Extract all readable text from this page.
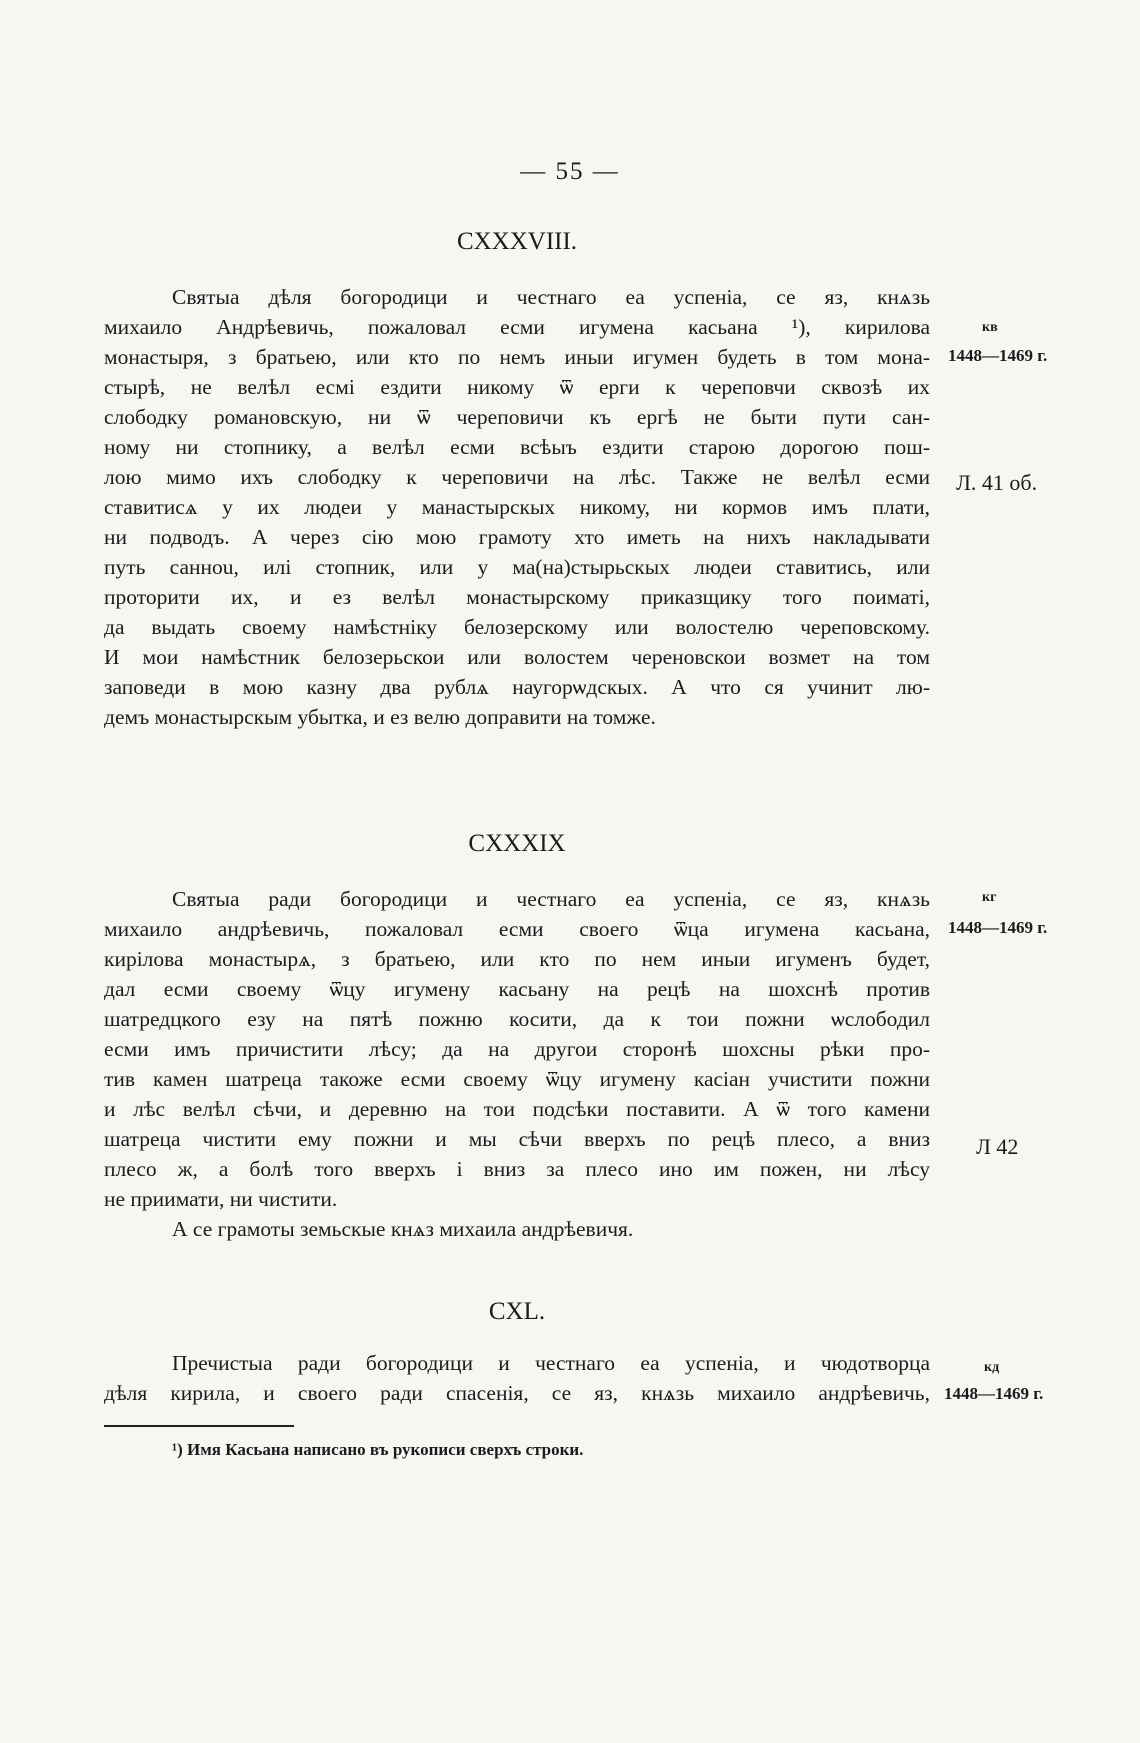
— 55 —
CXXXVIII.
Святыа дѣля богородици и честнаго еа успеніа, се яз, кнѧзь
михаило Андрѣевичь, пожаловал есми игумена касьана ¹), кирилова
монастыря, з братьею, или кто по немъ иныи игумен будеть в том мона-
стырѣ, не велѣл есмі ездити никому ѿ ерги к череповчи сквозѣ их
слободку романовскую, ни ѿ череповичи къ ергѣ не быти пути сан-
ному ни стопнику, а велѣл есми всѣыъ ездити старою дорогою пош-
лою мимо ихъ слободку к череповичи на лѣс. Также не велѣл есми
ставитисѧ у их людеи у манастырскых никому, ни кормов имъ плати,
ни подводъ. А через сію мою грамоту хто иметь на нихъ накладывати
путь санноu, илі стопник, или у ма(на)стырьскых людеи ставитись, или
проторити их, и ез велѣл монастырскому приказщику того поиматі,
да выдать своему намѣстніку белозерскому или волостелю череповскому.
И мои намѣстник белозерьскои или волостем череновскои возмет на том
заповеди в мою казну два рублѧ наугорѡдскых. А что ся учинит лю-
демъ монастырскым убытка, и ез велю доправити на томже.
кв
1448—1469 г.
Л. 41 об.
CXXXIX
Святыа ради богородици и честнаго еа успеніа, се яз, кнѧзь
михаило андрѣевичь, пожаловал есми своего ѿца игумена касьана,
кирілова монастырѧ, з братьею, или кто по нем иныи игуменъ будет,
дал есми своему ѿцу игумену касьану на рецѣ на шохснѣ против
шатредцкого езу на пятѣ пожню косити, да к тои пожни ѡслободил
есми имъ причистити лѣсу; да на другои сторонѣ шохсны рѣки про-
тив камен шатреца такоже есми своему ѿцу игумену касіан учистити пожни
и лѣс велѣл сѣчи, и деревню на тои подсѣки поставити. А ѿ того камени
шатреца чистити ему пожни и мы сѣчи вверхъ по рецѣ плесо, а вниз
плесо ж, а болѣ того вверхъ і вниз за плесо ино им пожен, ни лѣсу
не приимати, ни чистити.
А се грамоты земьскые кнѧз михаила андрѣевичя.
кг
1448—1469 г.
Л 42
CXL.
Пречистыа ради богородици и честнаго еа успеніа, и чюдотворца
дѣля кирила, и своего ради спасенія, се яз, кнѧзь михаило андрѣевичь,
кд
1448—1469 г.
¹) Имя Касьана написано въ рукописи сверхъ строки.
